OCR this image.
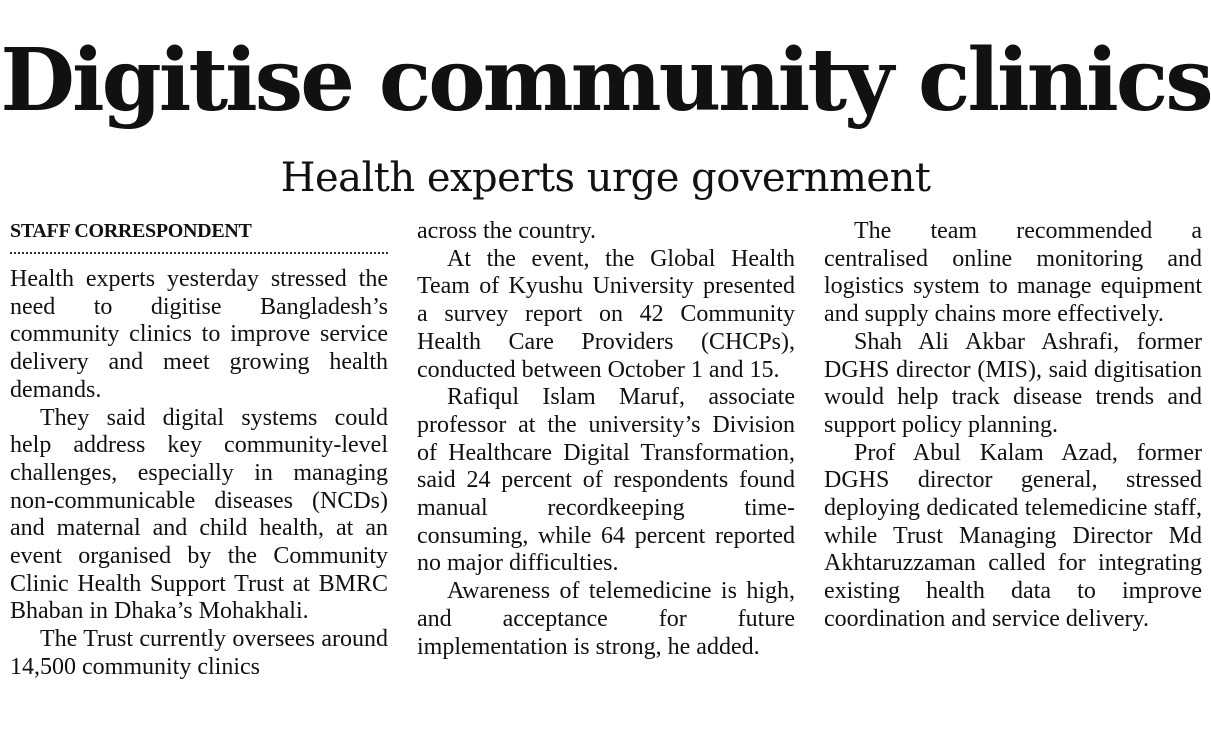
Digitise community clinics
Health experts urge government
STAFF CORRESPONDENT

Health experts yesterday stressed the need to digitise Bangladesh’s community clinics to improve service delivery and meet growing health demands.

They said digital systems could help address key community-level challenges, especially in managing non-communicable diseases (NCDs) and maternal and child health, at an event organised by the Community Clinic Health Support Trust at BMRC Bhaban in Dhaka’s Mohakhali.

The Trust currently oversees around 14,500 community clinics

across the country.

At the event, the Global Health Team of Kyushu University presented a survey report on 42 Community Health Care Providers (CHCPs), conducted between October 1 and 15.

Rafiqul Islam Maruf, associate professor at the university’s Division of Healthcare Digital Transformation, said 24 percent of respondents found manual recordkeeping time-consuming, while 64 percent reported no major difficulties.

Awareness of telemedicine is high, and acceptance for future implementation is strong, he added.

The team recommended a centralised online monitoring and logistics system to manage equipment and supply chains more effectively.

Shah Ali Akbar Ashrafi, former DGHS director (MIS), said digitisation would help track disease trends and support policy planning.

Prof Abul Kalam Azad, former DGHS director general, stressed deploying dedicated telemedicine staff, while Trust Managing Director Md Akhtaruzzaman called for integrating existing health data to improve coordination and service delivery.
